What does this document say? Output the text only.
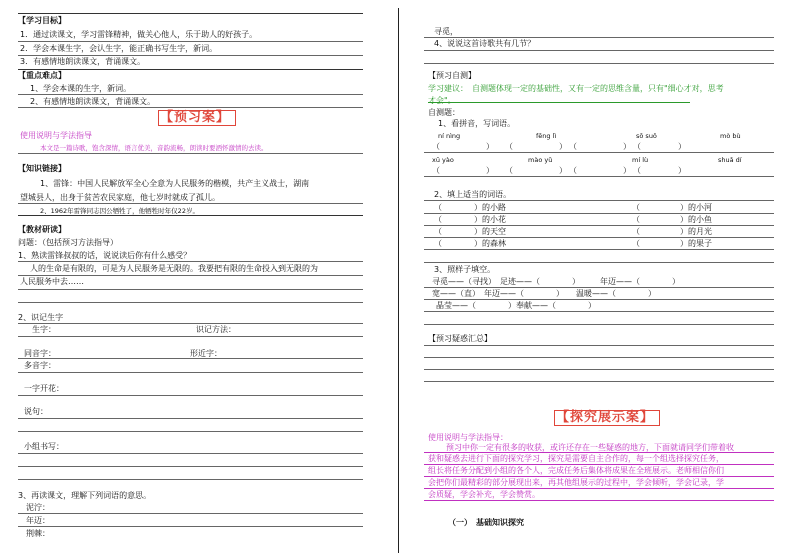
【学习目标】
1．通过读课文，学习雷锋精神，做关心他人，乐于助人的好孩子。
2．学会本课生字，会认生字，能正确书写生字，新词。
3．有感情地朗读课文，背诵课文。
【重点难点】
1、学会本课的生字，新词。
2、有感情地朗读课文，背诵课文。
【预习案】
使用说明与学法指导
本文是一篇诗歌，饱含深情，语言优美，音韵流畅，朗读时要洒怀激情的去读。
【知识链接】
1、雷锋：中国人民解放军全心全意为人民服务的楷模，共产主义战士，湖南
望城县人，出身于贫苦农民家庭，他七岁时就成了孤儿。
2、1962年雷锋同志因公牺牲了，他牺牲时年仅22岁。
【教材研读】
问题：（包括预习方法指导）
1、熟读雷锋叔叔的话，说说读后你有什么感受？
人的生命是有限的，可是为人民服务是无限的。我要把有限的生命投入到无限的为
人民服务中去……
2、识记生字
生字：	识记方法：
同音字：	形近字：
多音字：
一字开花：
说句：
小组书写：
3、再读课文，理解下列词语的意思。
泥泞：
年迈：
荆棘：
寻觅，
4、说说这首诗歌共有几节？
【预习自测】
学习建议：　自测题体现一定的基础性，又有一定的思维含量，只有"细心才对，思考
才会"。
自测题：
1、看拼音，写词语。
ní nìng	fēng lì	sō suǒ	mò bù
（　　　　　）　　（　　　　　）　（　　　　　）　（　　　　）
xū yào	mào yǔ	mí lù	shuǎ dí
（　　　　　）　　（　　　　　）　（　　　　　）　（　　　　）
2、填上适当的词语。
（　　　　）的小路	（　　　　　）的小河
（　　　　）的小花	（　　　　　）的小鱼
（　　　　）的天空	（　　　　　）的月光
（　　　　）的森林	（　　　　　）的果子
3、照样子填空。
寻觅——（寻找）　足迹——（　　　　）　　　年迈——（　　　　）
宽——（直）　年迈——（　　　　）　　温暖——（　　　　）
晶莹——（　　　　）奉献——（　　　　）
【预习疑惑汇总】
【探究展示案】
使用说明与学法指导：
预习中你一定有很多的收获，或许还存在一些疑惑的地方，下面就请同学们带着收
获和疑惑去进行下面的探究学习，探究是需要自主合作的，每一个组选择探究任务，
组长将任务分配到小组的各个人，完成任务后集体将成果在全班展示。老师相信你们
会把你们最精彩的部分展现出来，再其他组展示的过程中，学会倾听，学会记录，学
会质疑，学会补充，学会赞赏。
（一）　基础知识探究
